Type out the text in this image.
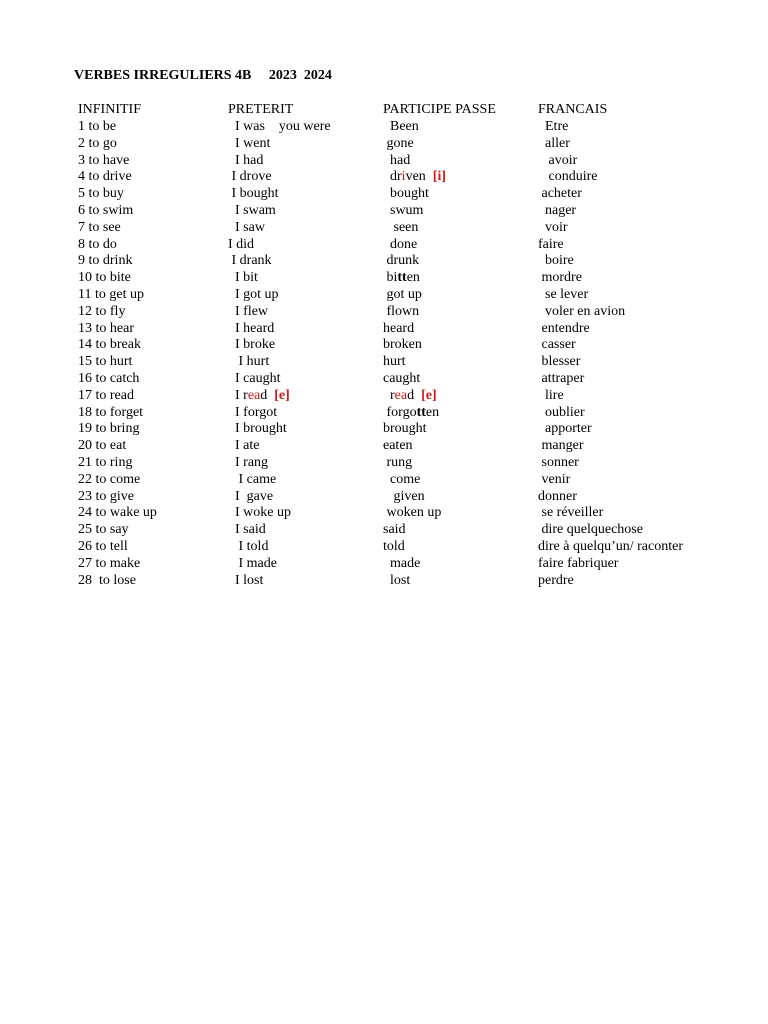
VERBES IRREGULIERS 4B     2023  2024
INFINITIF	PRETERIT	PARTICIPE PASSE	FRANCAIS
1 to be	I was    you were	Been	Etre
2 to go	I went	gone	aller
3 to have	I had	had	avoir
4 to drive	I drove	driven  [i]	conduire
5 to buy	I bought	bought	acheter
6 to swim	I swam	swum	nager
7 to see	I saw	seen	voir
8 to do	I did	done	faire
9 to drink	I drank	drunk	boire
10 to bite	I bit	bitten	mordre
11 to get up	I got up	got up	se lever
12 to fly	I flew	flown	voler en avion
13 to hear	I heard	heard	entendre
14 to break	I broke	broken	casser
15 to hurt	I hurt	hurt	blesser
16 to catch	I caught	caught	attraper
17 to read	I read  [e]	read  [e]	lire
18 to forget	I forgot	forgotten	oublier
19 to bring	I brought	brought	apporter
20 to eat	I ate	eaten	manger
21 to ring	I rang	rung	sonner
22 to come	I came	come	venir
23 to give	I  gave	given	donner
24 to wake up	I woke up	woken up	se réveiller
25 to say	I said	said	dire quelquechose
26 to tell	I told	told	dire à quelqu’un/ raconter
27 to make	I made	made	faire fabriquer
28  to lose	I lost	lost	perdre
